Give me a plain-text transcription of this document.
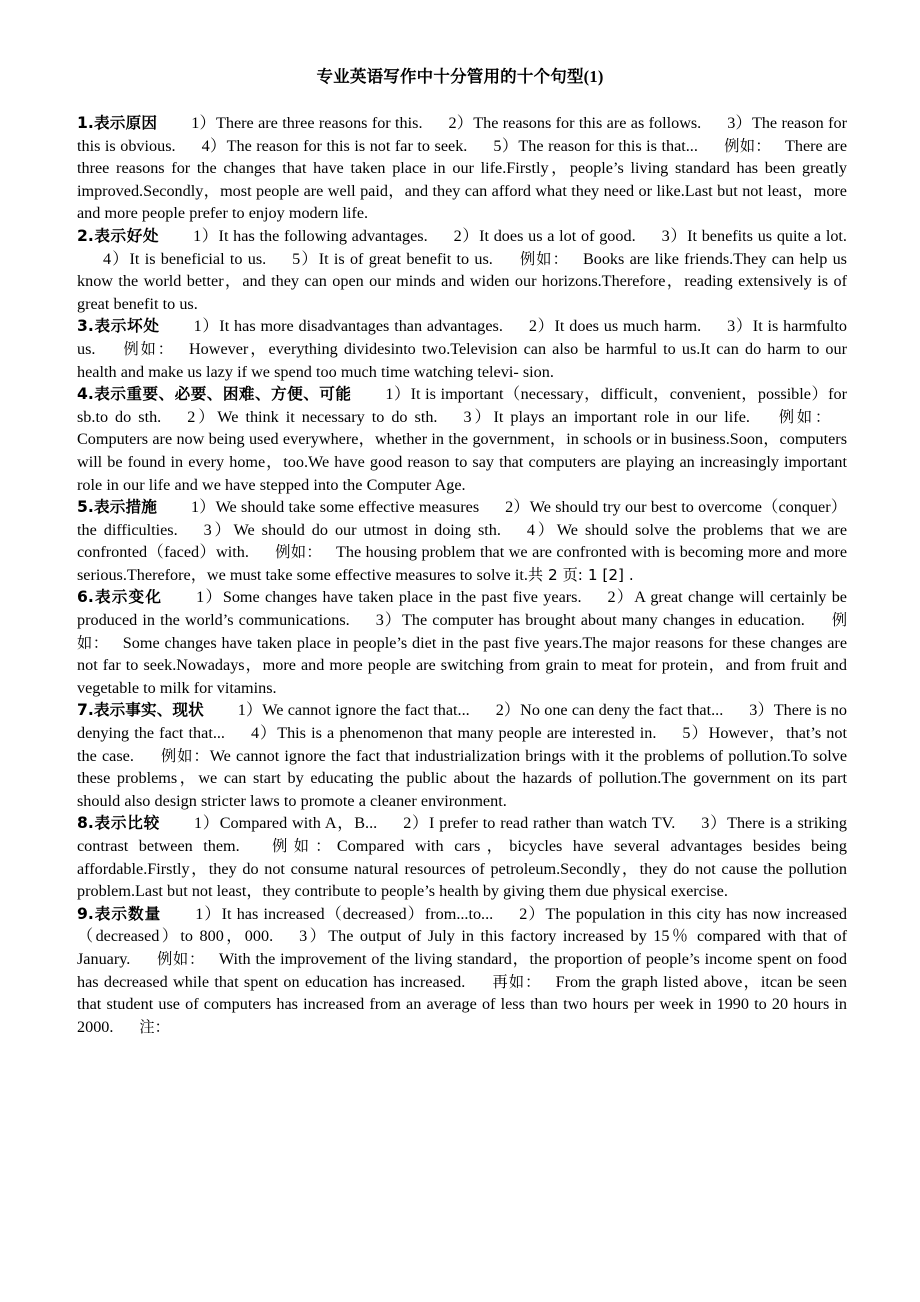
专业英语写作中十分管用的十个句型(1)

1.表示原因 1）There are three reasons for this. 2）The reasons for this are as follows. 3）The reason for this is obvious. 4）The reason for this is not far to seek. 5）The reason for this is that... 例如： There are three reasons for the changes that have taken place in our life.Firstly，people’s living standard has been greatly improved.Secondly，most people are well paid，and they can afford what they need or like.Last but not least，more and more people prefer to enjoy modern life.

2.表示好处 1）It has the following advantages. 2）It does us a lot of good. 3）It benefits us quite a lot.4）It is beneficial to us. 5）It is of great benefit to us. 例如： Books are like friends.They can help us know the world better，and they can open our minds and widen our horizons.Therefore，reading extensively is of great benefit to us.

3.表示坏处 1）It has more disadvantages than advantages. 2）It does us much harm. 3）It is harmfulto us. 例如： However，everything dividesinto two.Television can also be harmful to us.It can do harm to our health and make us lazy if we spend too much time watching televi- sion.

4.表示重要、必要、困难、方便、可能 1）It is important（necessary，difficult，convenient，possible）for sb.to do sth. 2）We think it necessary to do sth. 3）It plays an important role in our life. 例如：Computers are now being used everywhere，whether in the government，in schools or in business.Soon，computers will be found in every home，too.We have good reason to say that computers are playing an increasingly important role in our life and we have stepped into the Computer Age.

5.表示措施 1）We should take some effective measures 2）We should try our best to overcome（conquer）the difficulties. 3）We should do our utmost in doing sth. 4）We should solve the problems that we are confronted（faced）with. 例如： The housing problem that we are confronted with is becoming more and more serious.Therefore，we must take some effective measures to solve it.共 2 页: 1 [2] .

6.表示变化 1）Some changes have taken place in the past five years. 2）A great change will certainly be produced in the world’s communications. 3）The computer has brought about many changes in education. 例如： Some changes have taken place in people’s diet in the past five years.The major reasons for these changes are not far to seek.Nowadays，more and more people are switching from grain to meat for protein，and from fruit and vegetable to milk for vitamins.

7.表示事实、现状 1）We cannot ignore the fact that... 2）No one can deny the fact that... 3）There is no denying the fact that... 4）This is a phenomenon that many people are interested in. 5）However，that’s not the case. 例如：We cannot ignore the fact that industrialization brings with it the problems of pollution.To solve these problems，we can start by educating the public about the hazards of pollution.The government on its part should also design stricter laws to promote a cleaner environment.

8.表示比较 1）Compared with A，B... 2）I prefer to read rather than watch TV. 3）There is a striking contrast between them. 例如：Compared with cars，bicycles have several advantages besides being affordable.Firstly，they do not consume natural resources of petroleum.Secondly，they do not cause the pollution problem.Last but not least，they contribute to people’s health by giving them due physical exercise.

9.表示数量 1）It has increased（decreased）from...to... 2）The population in this city has now increased（decreased）to 800，000. 3）The output of July in this factory increased by 15％ compared with that of January. 例如： With the improvement of the living standard，the proportion of people’s income spent on food has decreased while that spent on education has increased. 再如： From the graph listed above，itcan be seen that student use of computers has increased from an average of less than two hours per week in 1990 to 20 hours in 2000. 注：
